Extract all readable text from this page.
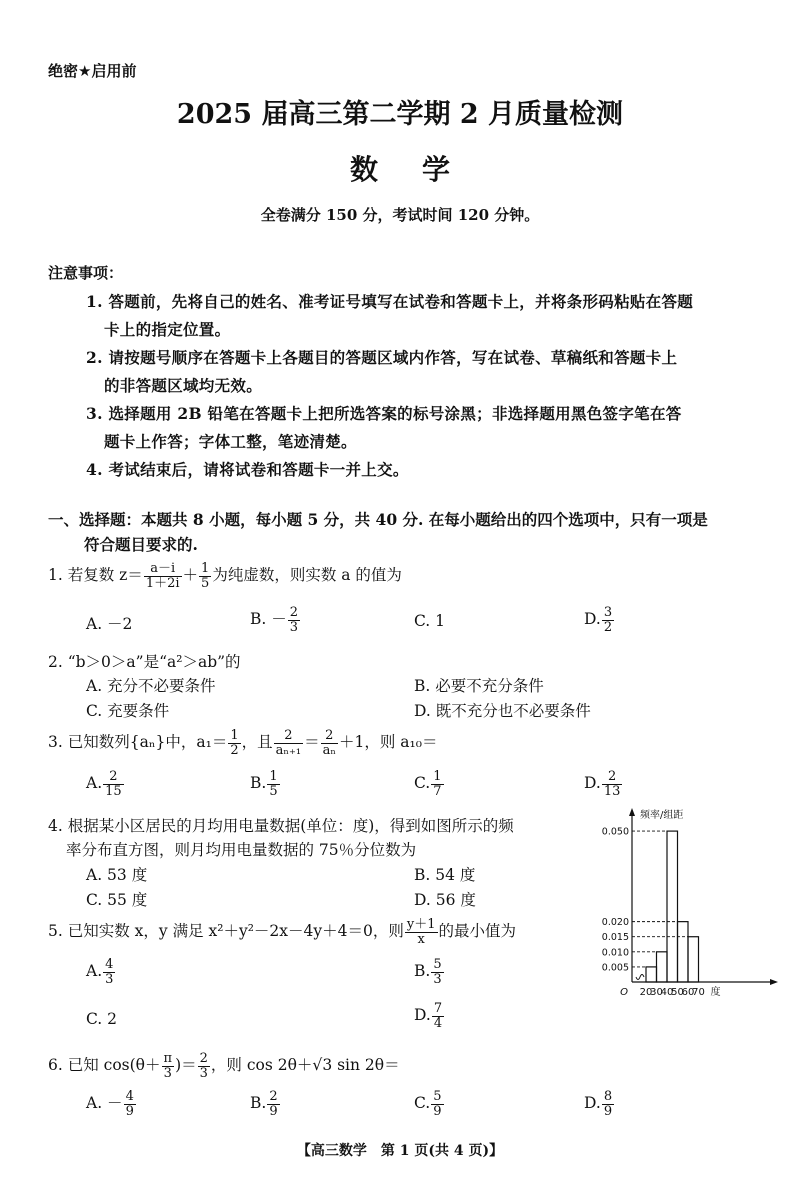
绝密★启用前
2025 届高三第二学期 2 月质量检测
数学
全卷满分 150 分，考试时间 120 分钟。
注意事项：
1. 答题前，先将自己的姓名、准考证号填写在试卷和答题卡上，并将条形码粘贴在答题
卡上的指定位置。
2. 请按题号顺序在答题卡上各题目的答题区域内作答，写在试卷、草稿纸和答题卡上
的非答题区域均无效。
3. 选择题用 2B 铅笔在答题卡上把所选答案的标号涂黑；非选择题用黑色签字笔在答
题卡上作答；字体工整，笔迹清楚。
4. 考试结束后，请将试卷和答题卡一并上交。
一、选择题：本题共 8 小题，每小题 5 分，共 40 分. 在每小题给出的四个选项中，只有一项是
符合题目要求的.
1. 若复数 $z= \frac{a-i}{1+2i} + \frac{1}{5}$ 为纯虚数，则实数 a 的值为
A. －2	B. － $\frac{2}{3}$	C. 1	D. $\frac{3}{2}$
2. “b＞0＞a”是“a²＞ab”的
A. 充分不必要条件	B. 必要不充分条件
C. 充要条件	D. 既不充分也不必要条件
3. 已知数列{aₙ}中，$a_1= \frac{1}{2}$ ，且 $\frac{2}{\text{aₙ₊₁}} = \frac{2}{\text{aₙ}} +1$，则 a₁₀＝
A. $\frac{2}{15}$	B. $\frac{1}{5}$	C. $\frac{1}{7}$	D. $\frac{2}{13}$
4. 根据某小区居民的月均用电量数据(单位：度)，得到如图所示的频
率分布直方图，则月均用电量数据的 75％分位数为
A. 53 度	B. 54 度
C. 55 度	D. 56 度
0.005
0.010
0.015
0.020
0.050
20
30
40
50
60
70
O
频率/组距
度
5. 已知实数 x，y 满足 x²＋y²－2x－4y＋4＝0，则 $\frac{y+1}{x}$ 的最小值为
A. $\frac{4}{3}$	B. $\frac{5}{3}$
C. 2	D. $\frac{7}{4}$
6. 已知 $\cos(\theta+ \frac{\pi}{3}$ )＝ $\frac{2}{3}$ ，则 cos 2θ＋√3 sin 2θ＝
A. － $\frac{4}{9}$	B. $\frac{2}{9}$	C. $\frac{5}{9}$	D. $\frac{8}{9}$
【高三数学　第 1 页(共 4 页)】
